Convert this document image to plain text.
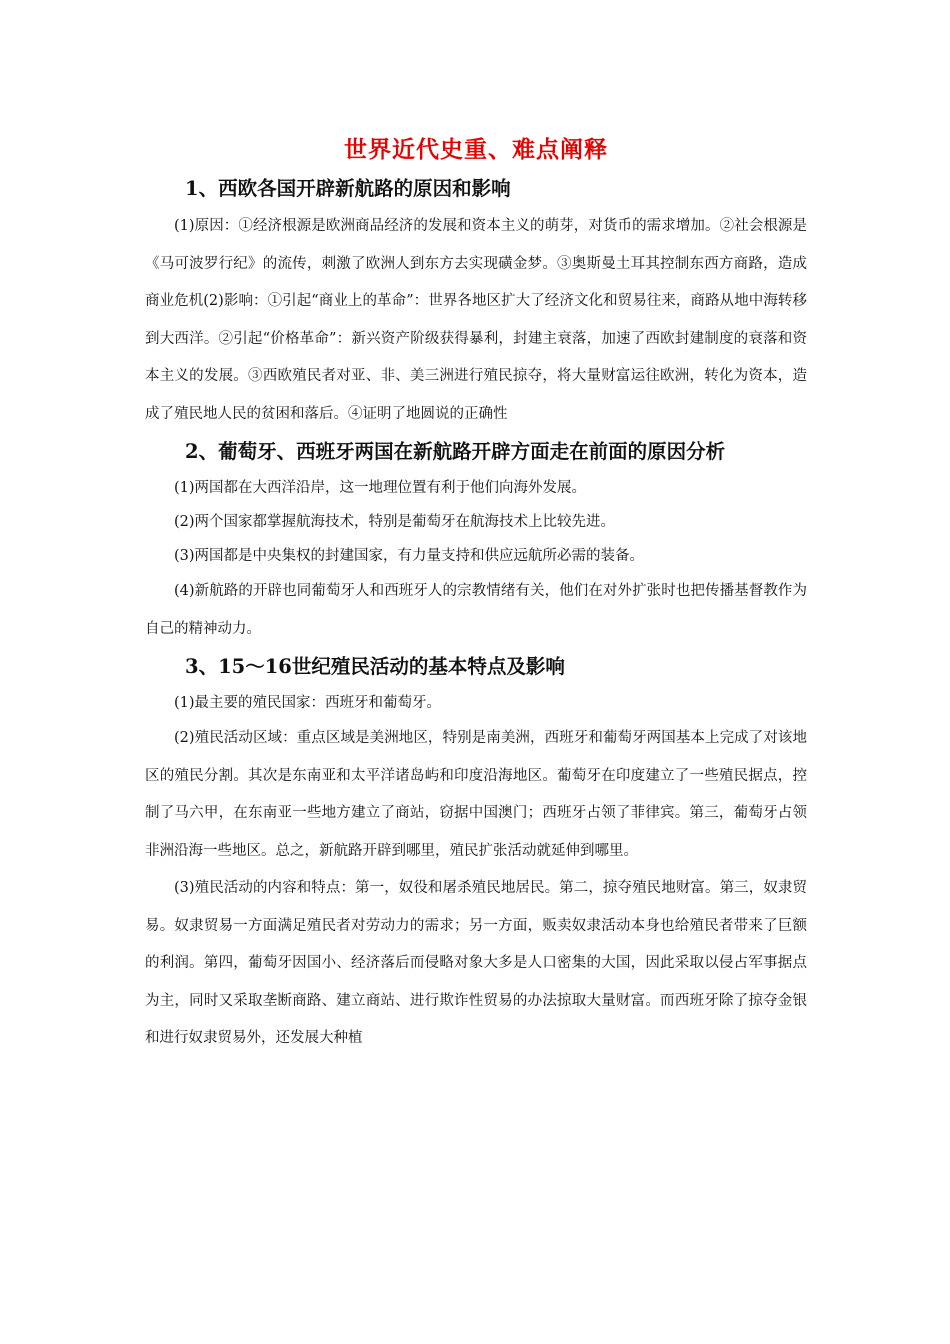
世界近代史重、难点阐释
1、西欧各国开辟新航路的原因和影响

(1)原因：①经济根源是欧洲商品经济的发展和资本主义的萌芽，对货币的需求增加。②社会根源是《马可波罗行纪》的流传，刺激了欧洲人到东方去实现磺金梦。③奥斯曼土耳其控制东西方商路，造成商业危机(2)影响：①引起“商业上的革命”：世界各地区扩大了经济文化和贸易往来，商路从地中海转移到大西洋。②引起“价格革命”：新兴资产阶级获得暴利，封建主衰落，加速了西欧封建制度的衰落和资本主义的发展。③西欧殖民者对亚、非、美三洲进行殖民掠夺，将大量财富运往欧洲，转化为资本，造成了殖民地人民的贫困和落后。④证明了地圆说的正确性

2、葡萄牙、西班牙两国在新航路开辟方面走在前面的原因分析

(1)两国都在大西洋沿岸，这一地理位置有利于他们向海外发展。

(2)两个国家都掌握航海技术，特别是葡萄牙在航海技术上比较先进。

(3)两国都是中央集权的封建国家，有力量支持和供应远航所必需的装备。

(4)新航路的开辟也同葡萄牙人和西班牙人的宗教情绪有关，他们在对外扩张时也把传播基督教作为自己的精神动力。

3、15～16世纪殖民活动的基本特点及影响

(1)最主要的殖民国家：西班牙和葡萄牙。

(2)殖民活动区域：重点区域是美洲地区，特别是南美洲，西班牙和葡萄牙两国基本上完成了对该地区的殖民分割。其次是东南亚和太平洋诸岛屿和印度沿海地区。葡萄牙在印度建立了一些殖民据点，控制了马六甲，在东南亚一些地方建立了商站，窃据中国澳门；西班牙占领了菲律宾。第三，葡萄牙占领非洲沿海一些地区。总之，新航路开辟到哪里，殖民扩张活动就延伸到哪里。

(3)殖民活动的内容和特点：第一，奴役和屠杀殖民地居民。第二，掠夺殖民地财富。第三，奴隶贸易。奴隶贸易一方面满足殖民者对劳动力的需求；另一方面，贩卖奴隶活动本身也给殖民者带来了巨额的利润。第四，葡萄牙因国小、经济落后而侵略对象大多是人口密集的大国，因此采取以侵占军事据点为主，同时又采取垄断商路、建立商站、进行欺诈性贸易的办法掠取大量财富。而西班牙除了掠夺金银和进行奴隶贸易外，还发展大种植
